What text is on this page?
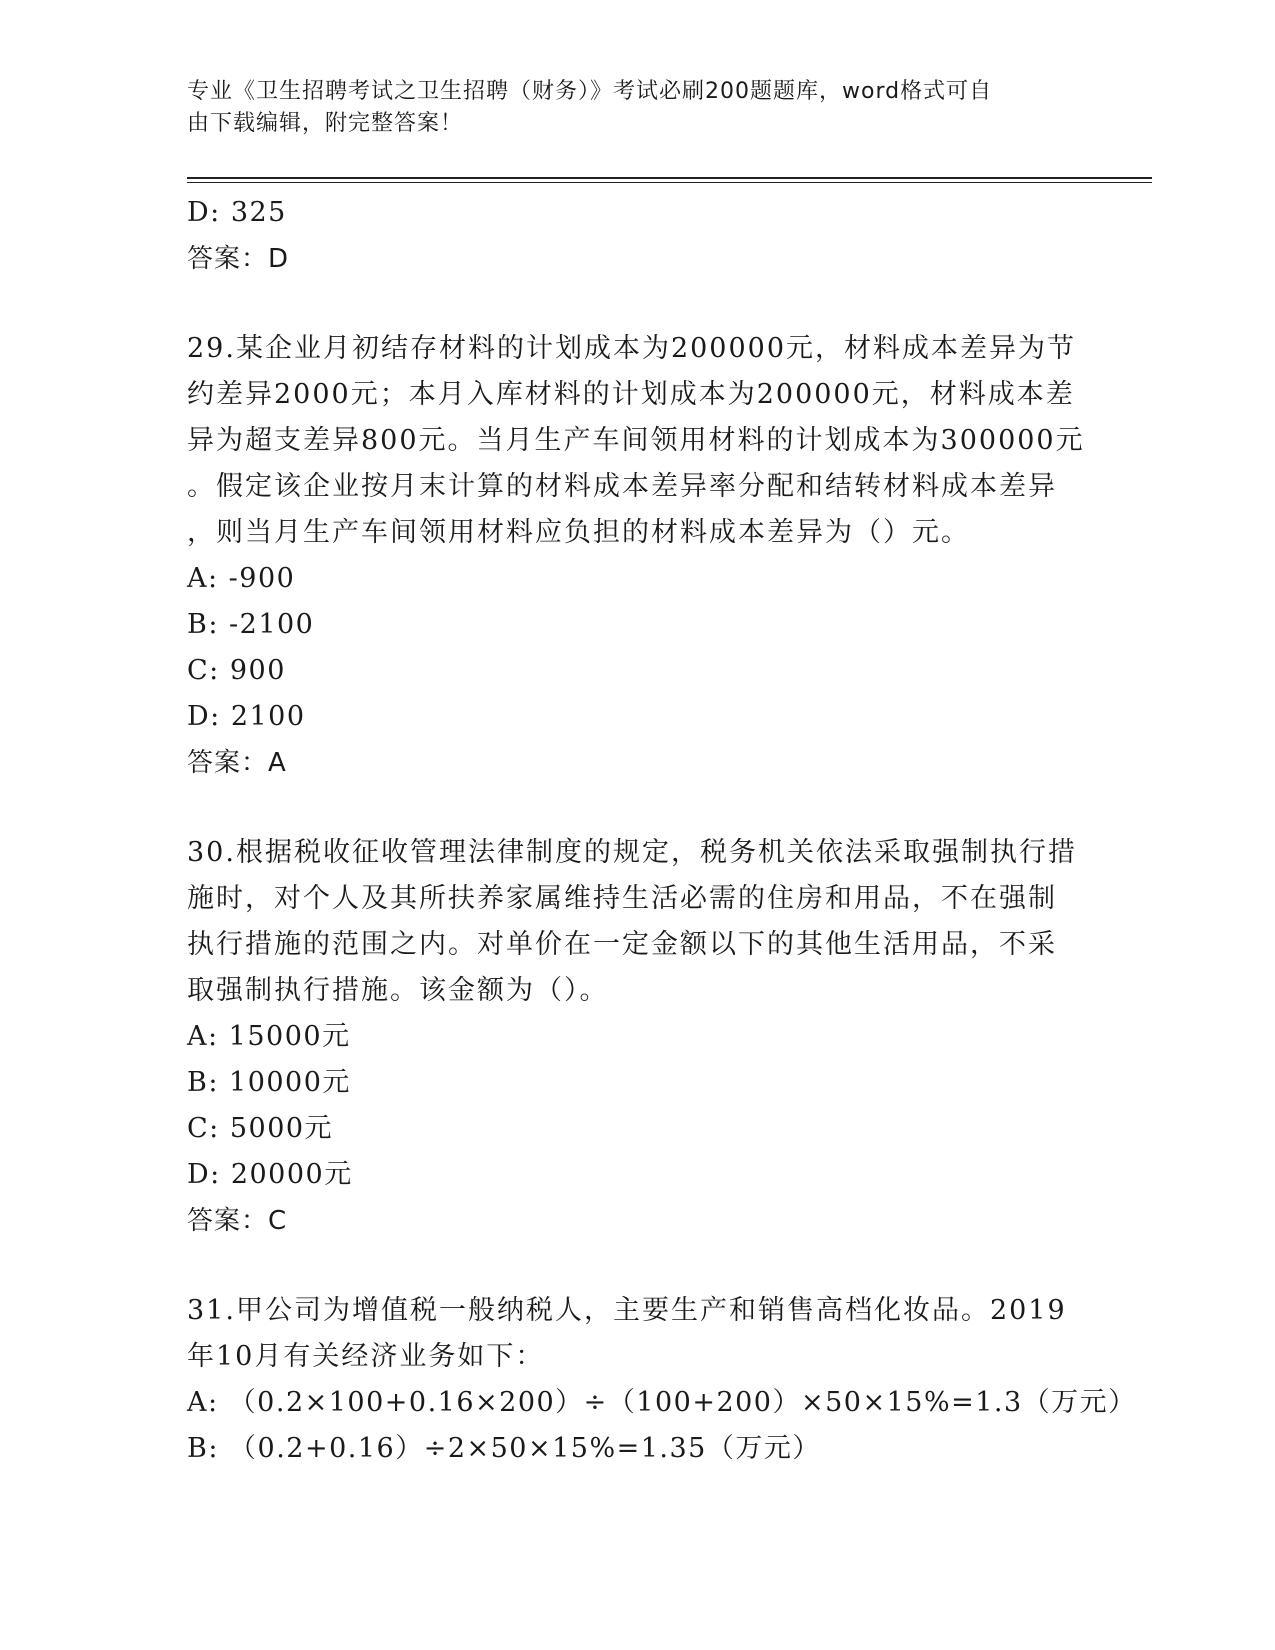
专业《卫生招聘考试之卫生招聘（财务）》考试必刷200题题库，word格式可自
由下载编辑，附完整答案！
D: 325
答案：D
29.某企业月初结存材料的计划成本为200000元，材料成本差异为节
约差异2000元；本月入库材料的计划成本为200000元，材料成本差
异为超支差异800元。当月生产车间领用材料的计划成本为300000元
。假定该企业按月末计算的材料成本差异率分配和结转材料成本差异
，则当月生产车间领用材料应负担的材料成本差异为（）元。
A: -900
B: -2100
C: 900
D: 2100
答案：A
30.根据税收征收管理法律制度的规定，税务机关依法采取强制执行措
施时，对个人及其所扶养家属维持生活必需的住房和用品，不在强制
执行措施的范围之内。对单价在一定金额以下的其他生活用品，不采
取强制执行措施。该金额为（）。
A: 15000元
B: 10000元
C: 5000元
D: 20000元
答案：C
31.甲公司为增值税一般纳税人，主要生产和销售高档化妆品。2019
年10月有关经济业务如下：
A: （0.2×100+0.16×200）÷（100+200）×50×15%=1.3（万元）
B: （0.2+0.16）÷2×50×15%=1.35（万元）
